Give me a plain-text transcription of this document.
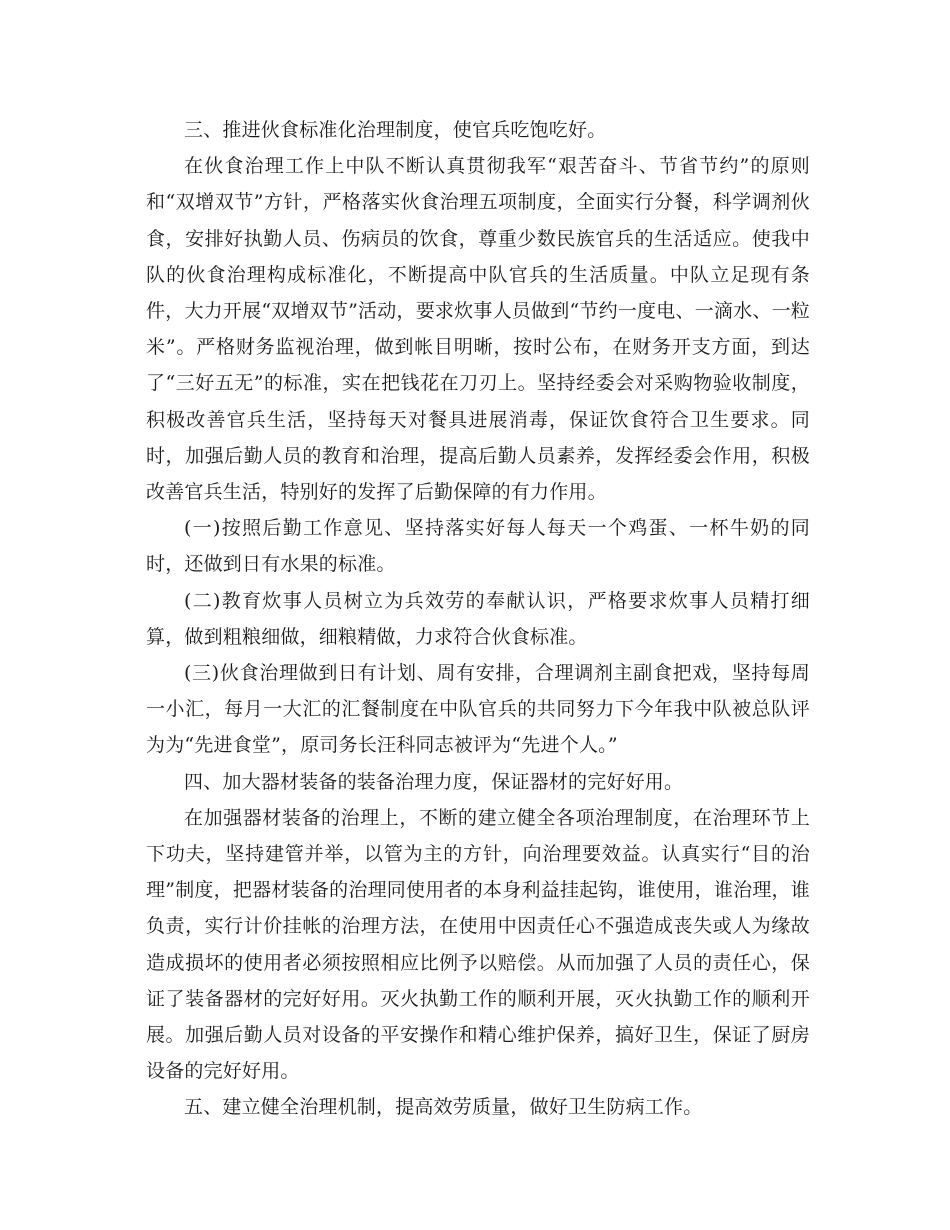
三、推进伙食标准化治理制度，使官兵吃饱吃好。

在伙食治理工作上中队不断认真贯彻我军“艰苦奋斗、节省节约”的原则和“双增双节”方针，严格落实伙食治理五项制度，全面实行分餐，科学调剂伙食，安排好执勤人员、伤病员的饮食，尊重少数民族官兵的生活适应。使我中队的伙食治理构成标准化，不断提高中队官兵的生活质量。中队立足现有条件，大力开展“双增双节”活动，要求炊事人员做到“节约一度电、一滴水、一粒米”。严格财务监视治理，做到帐目明晰，按时公布，在财务开支方面，到达了“三好五无”的标准，实在把钱花在刀刃上。坚持经委会对采购物验收制度，积极改善官兵生活，坚持每天对餐具进展消毒，保证饮食符合卫生要求。同时，加强后勤人员的教育和治理，提高后勤人员素养，发挥经委会作用，积极改善官兵生活，特别好的发挥了后勤保障的有力作用。

(一)按照后勤工作意见、坚持落实好每人每天一个鸡蛋、一杯牛奶的同时，还做到日有水果的标准。

(二)教育炊事人员树立为兵效劳的奉献认识，严格要求炊事人员精打细算，做到粗粮细做，细粮精做，力求符合伙食标准。

(三)伙食治理做到日有计划、周有安排，合理调剂主副食把戏，坚持每周一小汇，每月一大汇的汇餐制度在中队官兵的共同努力下今年我中队被总队评为为“先进食堂”，原司务长汪科同志被评为“先进个人。”

四、加大器材装备的装备治理力度，保证器材的完好好用。

在加强器材装备的治理上，不断的建立健全各项治理制度，在治理环节上下功夫，坚持建管并举，以管为主的方针，向治理要效益。认真实行“目的治理”制度，把器材装备的治理同使用者的本身利益挂起钩，谁使用，谁治理，谁负责，实行计价挂帐的治理方法，在使用中因责任心不强造成丧失或人为缘故造成损坏的使用者必须按照相应比例予以赔偿。从而加强了人员的责任心，保证了装备器材的完好好用。灭火执勤工作的顺利开展，灭火执勤工作的顺利开展。加强后勤人员对设备的平安操作和精心维护保养，搞好卫生，保证了厨房设备的完好好用。

五、建立健全治理机制，提高效劳质量，做好卫生防病工作。
